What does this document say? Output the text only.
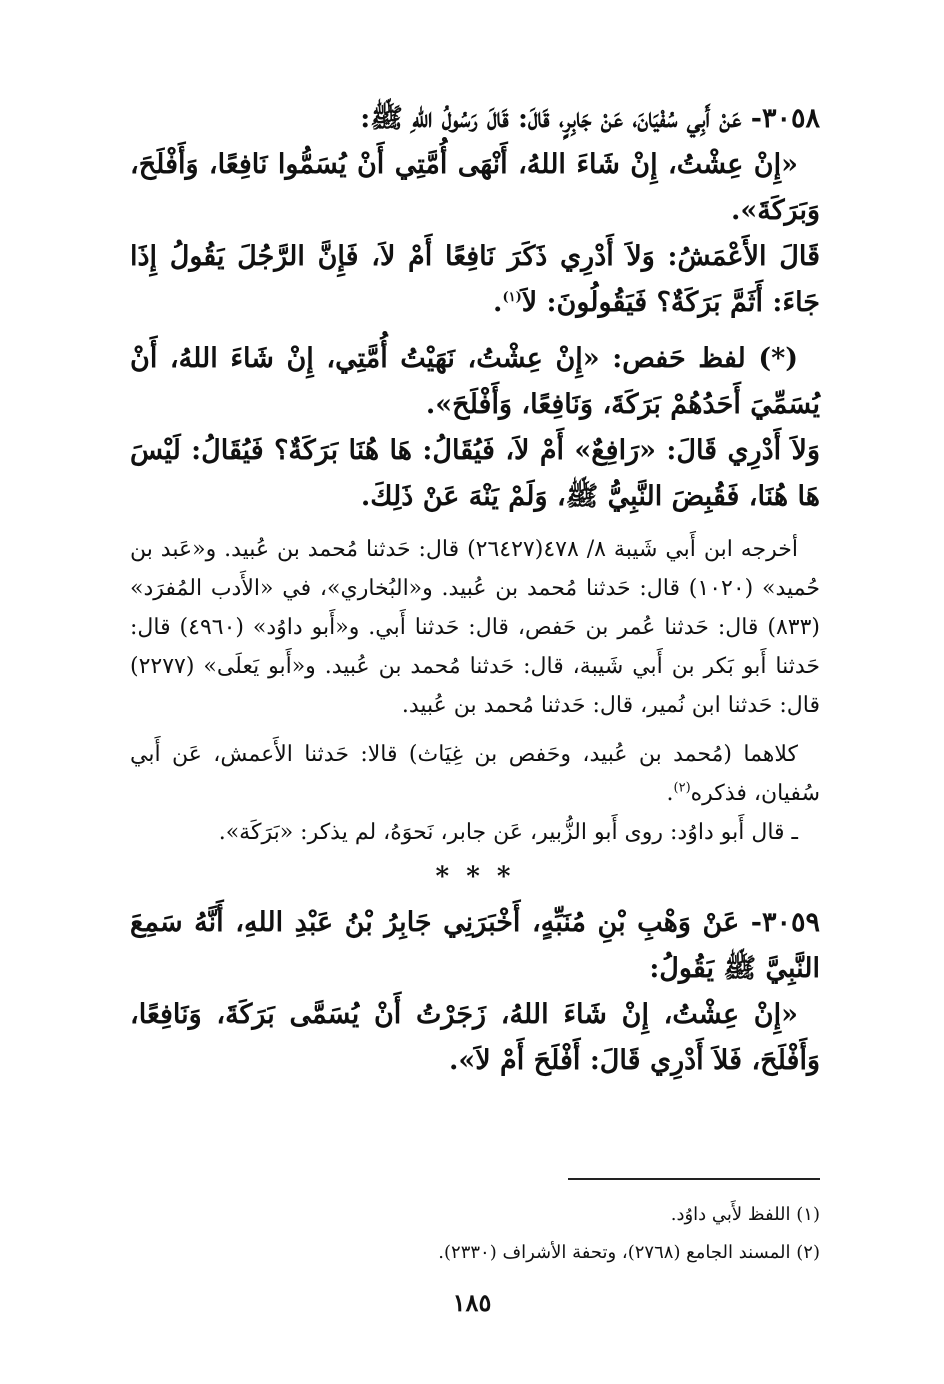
٣٠٥٨- عَنْ أَبِي سُفْيَانَ، عَنْ جَابِرٍ، قَالَ: قَالَ رَسُولُ اللهِ ﷺ:

«إِنْ عِشْتُ، إِنْ شَاءَ اللهُ، أَنْهَى أُمَّتِي أَنْ يُسَمُّوا نَافِعًا، وَأَفْلَحَ، وَبَرَكَةَ».

قَالَ الأَعْمَشُ: وَلاَ أَدْرِي ذَكَرَ نَافِعًا أَمْ لاَ، فَإِنَّ الرَّجُلَ يَقُولُ إِذَا جَاءَ: أَثَمَّ بَرَكَةٌ؟ فَيَقُولُونَ: لاَ$^{(١)}$.

(*) لفظ حَفص: «إِنْ عِشْتُ، نَهَيْتُ أُمَّتِي، إِنْ شَاءَ اللهُ، أَنْ يُسَمِّيَ أَحَدُهُمْ بَرَكَةَ، وَنَافِعًا، وَأَفْلَحَ».

وَلاَ أَدْرِي قَالَ: «رَافِعٌ» أَمْ لاَ، فَيُقَالُ: هَا هُنَا بَرَكَةٌ؟ فَيُقَالُ: لَيْسَ هَا هُنَا، فَقُبِضَ النَّبِيُّ ﷺ، وَلَمْ يَنْهَ عَنْ ذَلِكَ.

أخرجه ابن أَبي شَيبة ٨/ ٤٧٨(٢٦٤٢٧) قال: حَدثنا مُحمد بن عُبيد. و«عَبد بن حُميد» (١٠٢٠) قال: حَدثنا مُحمد بن عُبيد. و«البُخاري»، في «الأَدب المُفرَد» (٨٣٣) قال: حَدثنا عُمر بن حَفص، قال: حَدثنا أَبي. و«أَبو داوُد» (٤٩٦٠) قال: حَدثنا أَبو بَكر بن أَبي شَيبة، قال: حَدثنا مُحمد بن عُبيد. و«أَبو يَعلَى» (٢٢٧٧) قال: حَدثنا ابن نُمير، قال: حَدثنا مُحمد بن عُبيد.

كلاهما (مُحمد بن عُبيد، وحَفص بن غِيَاث) قالا: حَدثنا الأَعمش، عَن أَبي سُفيان، فذكره$^{(٢)}$.

ـ قال أَبو داوُد: روى أَبو الزُّبير، عَن جابر، نَحوَهُ، لم يذكر: «بَرَكَة».

* * *

٣٠٥٩- عَنْ وَهْبِ بْنِ مُنَبِّهٍ، أَخْبَرَنِي جَابِرُ بْنُ عَبْدِ اللهِ، أَنَّهُ سَمِعَ النَّبِيَّ ﷺ يَقُولُ:

«إِنْ عِشْتُ، إِنْ شَاءَ اللهُ، زَجَرْتُ أَنْ يُسَمَّى بَرَكَةَ، وَنَافِعًا، وَأَفْلَحَ، فَلاَ أَدْرِي قَالَ: أَفْلَحَ أَمْ لاَ».

(١) اللفظ لأَبي داوُد.
(٢) المسند الجامع (٢٧٦٨)، وتحفة الأشراف (٢٣٣٠).
١٨٥
